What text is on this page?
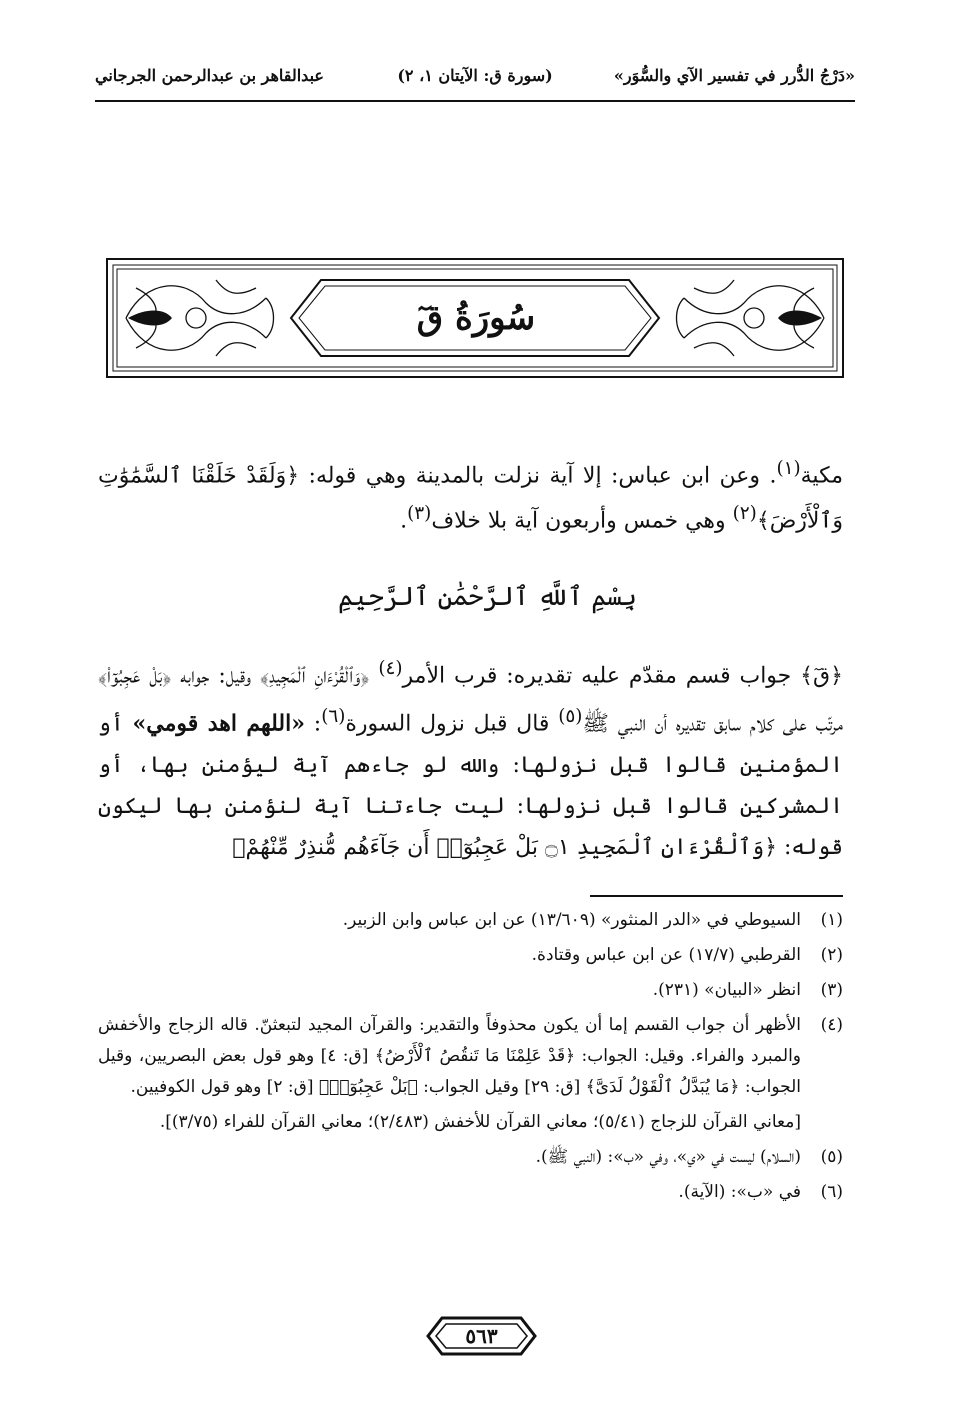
«دَرْجُ الدُّرر في تفسير الآي والسُّوَر»
(سورة ق: الآيتان ١، ٢)
عبدالقاهر بن عبدالرحمن الجرجاني
سُورَةُ قٓ
مكية$^{(١)}$. وعن ابن عباس: إلا آية نزلت بالمدينة وهي قوله: ﴿وَلَقَدْ خَلَقْنَا ٱلسَّمَٰوَٰتِ وَٱلْأَرْضَ﴾$^{(٢)}$ وهي خمس وأربعون آية بلا خلاف$^{(٣)}$.
بِسْمِ ٱللَّهِ ٱلرَّحْمَٰنِ ٱلرَّحِيمِ
﴿قٓ﴾ جواب قسم مقدّم عليه تقديره: قرب الأمر$^{(٤)}$ ﴿وَٱلْقُرْءَانِ ٱلْمَجِيدِ﴾ وقيل: جوابه ﴿بَلْ عَجِبُوٓا۟﴾ مرتّب على كلام سابق تقديره أن النبي ﷺ$^{(٥)}$ قال قبل نزول السورة$^{(٦)}$: «اللهم اهد قومي» أو المؤمنين قالوا قبل نزولها: والله لو جاءهم آية ليؤمنن بها، أو المشركين قالوا قبل نزولها: ليت جاءتنا آية لنؤمنن بها ليكون قوله: ﴿وَٱلْقُرْءَانِ ٱلْمَجِيدِ ۝١ بَلْ عَجِبُوٓا۟ أَن جَآءَهُم مُّنذِرٌ مِّنْهُمْ﴾
(١)
السيوطي في «الدر المنثور» (١٣/٦٠٩) عن ابن عباس وابن الزبير.
(٢)
القرطبي (١٧/٧) عن ابن عباس وقتادة.
(٣)
انظر «البيان» (٢٣١).
(٤)
الأظهر أن جواب القسم إما أن يكون محذوفاً والتقدير: والقرآن المجيد لتبعثنّ. قاله الزجاج والأخفش والمبرد والفراء. وقيل: الجواب: ﴿قَدْ عَلِمْنَا مَا تَنقُصُ ٱلْأَرْضُ﴾ [ق: ٤] وهو قول بعض البصريين، وقيل الجواب: ﴿مَا يُبَدَّلُ ٱلْقَوْلُ لَدَىَّ﴾ [ق: ٢٩] وقيل الجواب: ﴿بَلْ عَجِبُوٓا۟﴾ [ق: ٢] وهو قول الكوفيين.
[معاني القرآن للزجاج (٥/٤١)؛ معاني القرآن للأخفش (٢/٤٨٣)؛ معاني القرآن للفراء (٣/٧٥)].
(٥)
(السلام) ليست في «ي»، وفي «ب»: (النبي ﷺ).
(٦)
في «ب»: (الآية).
٥٦٣
